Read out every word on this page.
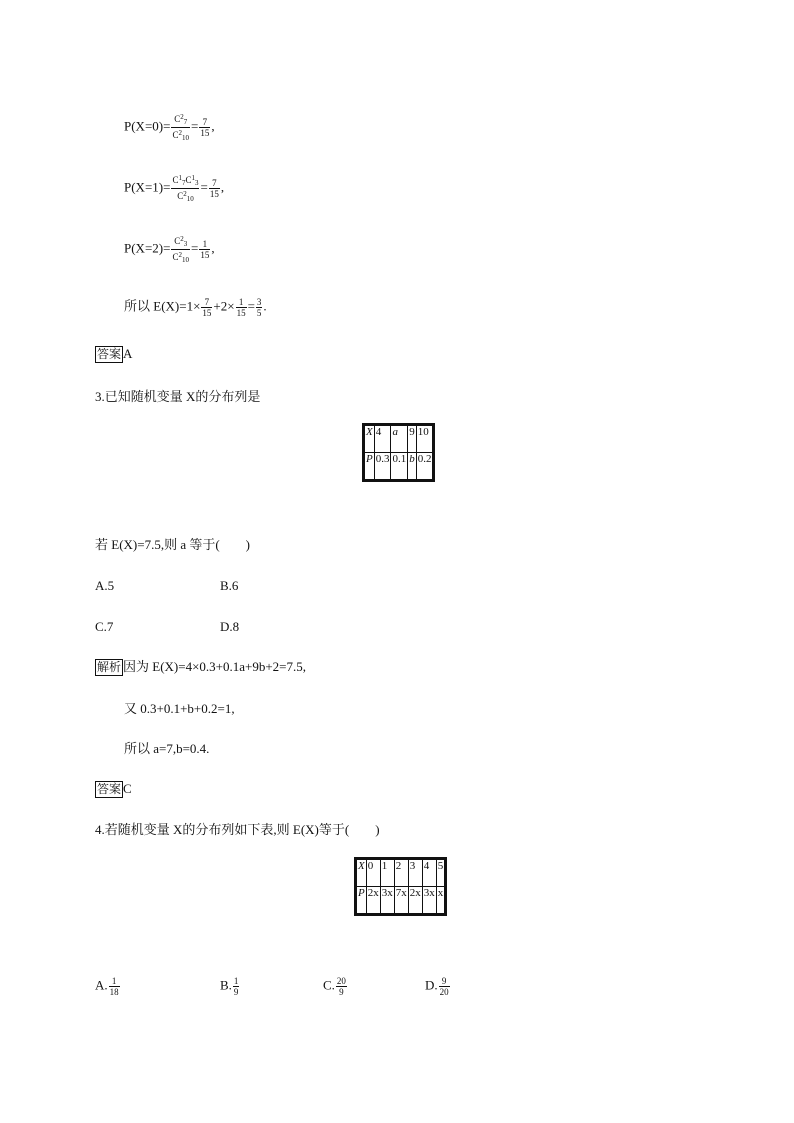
$P(X=0)= \frac{C^2_7}{C^2_{10}} = \frac{7}{15}$ ,
$P(X=1)= \frac{C^1_7C^1_3}{C^2_{10}} = \frac{7}{15}$ ,
$P(X=2)= \frac{C^2_3}{C^2_{10}} = \frac{1}{15}$ ,
所以 $E(X)=1\times \frac{7}{15} +2\times \frac{1}{15} = \frac{3}{5}$ .
答案 A
3.已知随机变量 X的分布列是
X	4	a	9	10
P	0.3	0.1	b	0.2
若 E(X)=7.5,则 a 等于(　　)
A.5	B.6
C.7	D.8
解析 因为 E(X)=4×0.3+0.1a+9b+2=7.5,
又 0.3+0.1+b+0.2=1,
所以 a=7,b=0.4.
答案 C
4.若随机变量 X的分布列如下表,则 E(X)等于(　　)
X	0	1	2	3	4	5
P	2x	3x	7x	2x	3x	x
A. $\frac{1}{18}$	B. $\frac{1}{9}$	C. $\frac{20}{9}$	D. $\frac{9}{20}$
